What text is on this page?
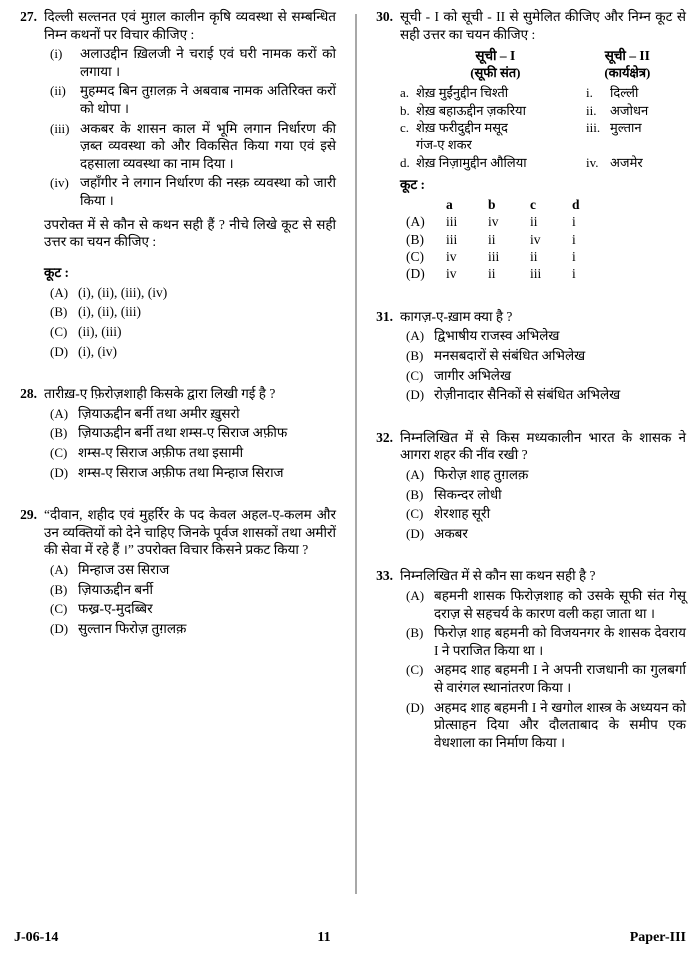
27. दिल्ली सल्तनत एवं मुग़ल कालीन कृषि व्यवस्था से सम्बन्धित निम्न कथनों पर विचार कीजिए :

(i)	अलाउद्दीन ख़िलजी ने चराई एवं घरी नामक करों को लगाया ।
(ii)	मुहम्मद बिन तुग़लक़ ने अबवाब नामक अतिरिक्त करों को थोपा ।
(iii) अकबर के शासन काल में भूमि लगान निर्धारण की ज़ब्त व्यवस्था को और विकसित किया गया एवं इसे दहसाला व्यवस्था का नाम दिया ।
(iv) जहाँगीर ने लगान निर्धारण की नस्क़ व्यवस्था को जारी किया ।

उपरोक्त में से कौन से कथन सही हैं ? नीचे लिखे कूट से सही उत्तर का चयन कीजिए :

कूट :
(A) (i), (ii), (iii), (iv)
(B) (i), (ii), (iii)
(C) (ii), (iii)
(D) (i), (iv)
28. तारीख़-ए फ़िरोज़शाही किसके द्वारा लिखी गई है ?

(A) ज़ियाऊद्दीन बर्नी तथा अमीर ख़ुसरो
(B) ज़ियाऊद्दीन बर्नी तथा शम्स-ए सिराज अफ़ीफ
(C) शम्स-ए सिराज अफ़ीफ तथा इसामी
(D) शम्स-ए सिराज अफ़ीफ तथा मिन्हाज सिराज
29. “दीवान, शहीद एवं मुहर्रिर के पद केवल अहल-ए-कलम और उन व्यक्तियों को देने चाहिए जिनके पूर्वज शासकों तथा अमीरों की सेवा में रहे हैं ।” उपरोक्त विचार किसने प्रकट किया ?

(A) मिन्हाज उस सिराज
(B) ज़ियाऊद्दीन बर्नी
(C) फख्र-ए-मुदब्बिर
(D) सुल्तान फिरोज़ तुग़लक़
30. सूची - I को सूची - II से सुमेलित कीजिए और निम्न कूट से सही उत्तर का चयन कीजिए :

सूची – I	सूची – II
(सूफी संत)	(कार्यक्षेत्र)
a. शेख़ मुईंनुद्दीन चिश्ती	i.	दिल्ली
b. शेख़ बहाऊद्दीन ज़करिया	ii.	अजोधन
c. शेख़ फरीदुद्दीन मसूद	iii. मुल्तान
गंज-ए शकर
d. शेख़ निज़ामुद्दीन औलिया	iv. अजमेर
कूट :
a	b	c	d
(A)	iii	iv	ii	i
(B)	iii	ii	iv	i
(C)	iv	iii	ii	i
(D)	iv	ii	iii	i
31. कागज़-ए-ख़ाम क्या है ?

(A) द्विभाषीय राजस्व अभिलेख
(B) मनसबदारों से संबंधित अभिलेख
(C) जागीर अभिलेख
(D) रोज़ीनादार सैनिकों से संबंधित अभिलेख
32. निम्नलिखित में से किस मध्यकालीन भारत के शासक ने आगरा शहर की नींव रखी ?

(A) फिरोज़ शाह तुग़लक़
(B) सिकन्दर लोधी
(C) शेरशाह सूरी
(D) अकबर
33. निम्नलिखित में से कौन सा कथन सही है ?

(A) बहमनी शासक फिरोज़शाह को उसके सूफी संत गेसू दराज़ से सहचर्य के कारण वली कहा जाता था ।
(B) फिरोज़ शाह बहमनी को विजयनगर के शासक देवराय I ने पराजित किया था ।
(C) अहमद शाह बहमनी I ने अपनी राजधानी का गुलबर्गा से वारंगल स्थानांतरण किया ।
(D) अहमद शाह बहमनी I ने खगोल शास्त्र के अध्ययन को प्रोत्साहन दिया और दौलताबाद के समीप एक वेधशाला का निर्माण किया ।
J-06-14	11	Paper-III
